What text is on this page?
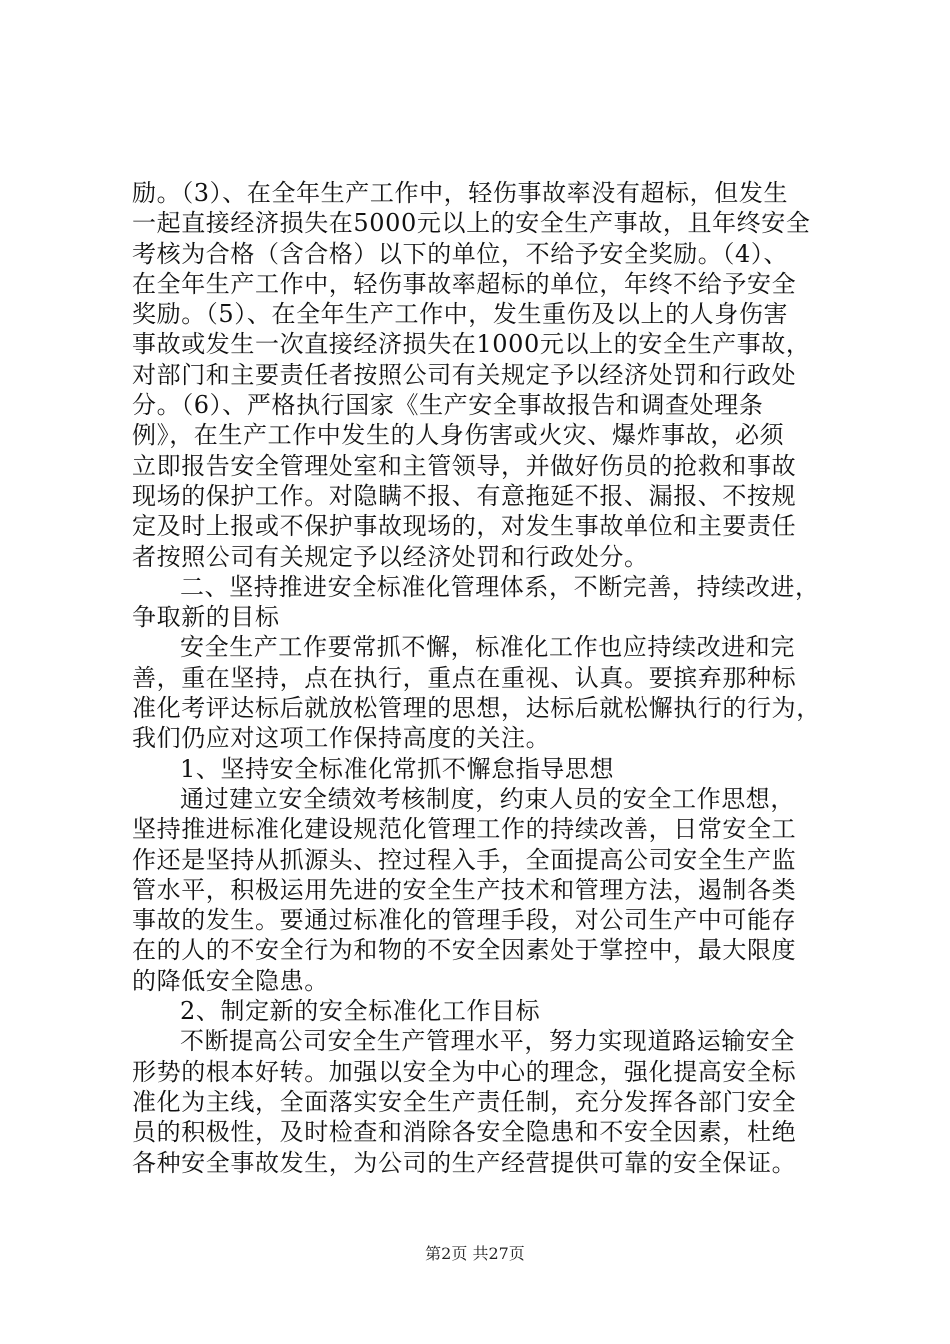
励。（3）、在全年生产工作中，轻伤事故率没有超标，但发生
一起直接经济损失在5000元以上的安全生产事故，且年终安全
考核为合格（含合格）以下的单位，不给予安全奖励。（4）、
在全年生产工作中，轻伤事故率超标的单位，年终不给予安全
奖励。（5）、在全年生产工作中，发生重伤及以上的人身伤害
事故或发生一次直接经济损失在1000元以上的安全生产事故，
对部门和主要责任者按照公司有关规定予以经济处罚和行政处
分。（6）、严格执行国家《生产安全事故报告和调查处理条
例》，在生产工作中发生的人身伤害或火灾、爆炸事故，必须
立即报告安全管理处室和主管领导，并做好伤员的抢救和事故
现场的保护工作。对隐瞒不报、有意拖延不报、漏报、不按规
定及时上报或不保护事故现场的，对发生事故单位和主要责任
者按照公司有关规定予以经济处罚和行政处分。
二、坚持推进安全标准化管理体系，不断完善，持续改进，
争取新的目标
安全生产工作要常抓不懈，标准化工作也应持续改进和完
善，重在坚持，点在执行，重点在重视、认真。要摈弃那种标
准化考评达标后就放松管理的思想，达标后就松懈执行的行为，
我们仍应对这项工作保持高度的关注。
1、坚持安全标准化常抓不懈怠指导思想
通过建立安全绩效考核制度，约束人员的安全工作思想，
坚持推进标准化建设规范化管理工作的持续改善，日常安全工
作还是坚持从抓源头、控过程入手，全面提高公司安全生产监
管水平，积极运用先进的安全生产技术和管理方法，遏制各类
事故的发生。要通过标准化的管理手段，对公司生产中可能存
在的人的不安全行为和物的不安全因素处于掌控中，最大限度
的降低安全隐患。
2、制定新的安全标准化工作目标
不断提高公司安全生产管理水平，努力实现道路运输安全
形势的根本好转。加强以安全为中心的理念，强化提高安全标
准化为主线，全面落实安全生产责任制，充分发挥各部门安全
员的积极性，及时检查和消除各安全隐患和不安全因素，杜绝
各种安全事故发生，为公司的生产经营提供可靠的安全保证。
第2页 共27页
